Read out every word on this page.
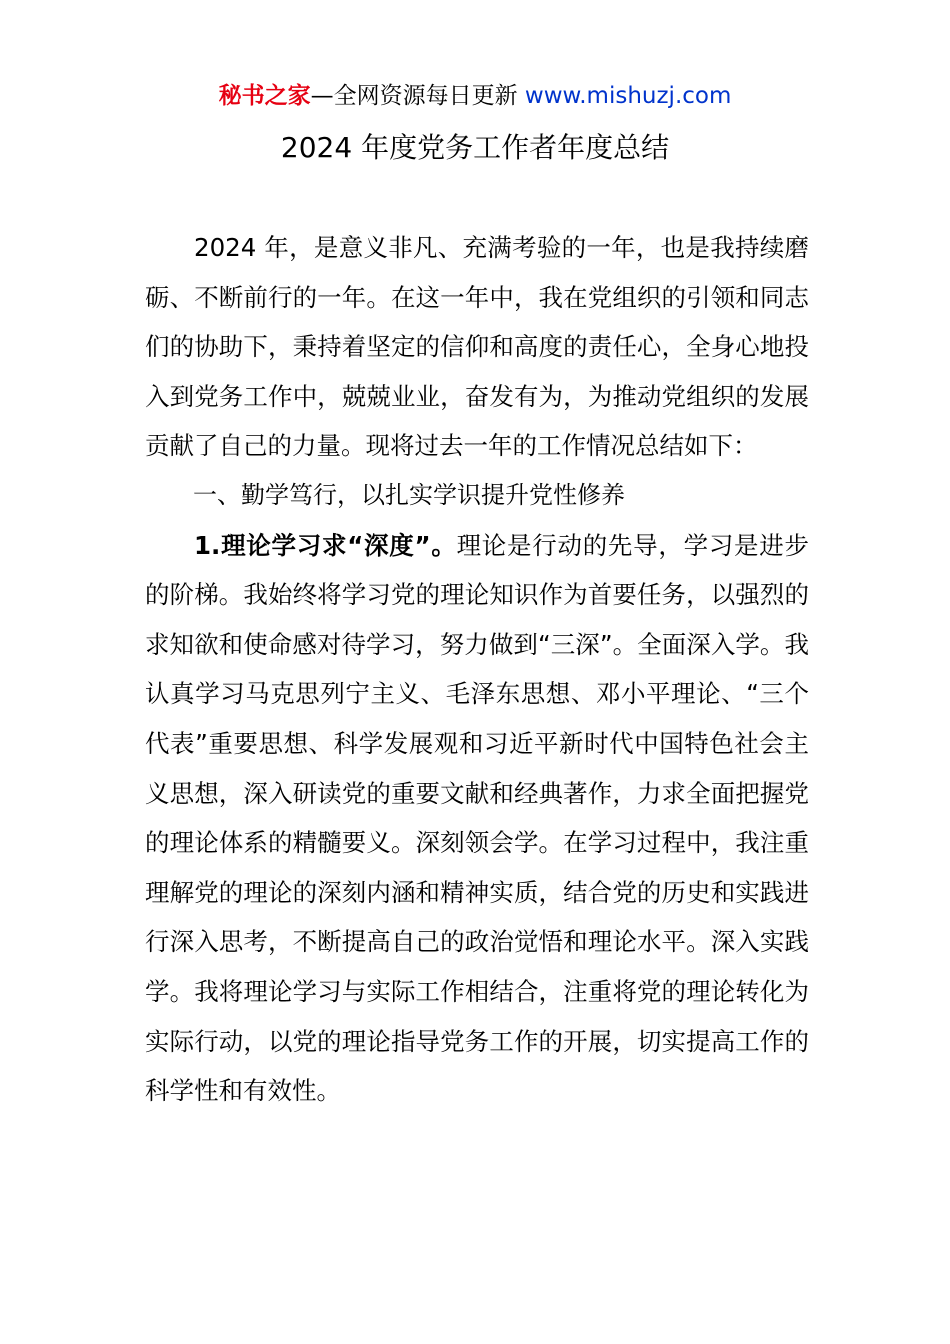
秘书之家—全网资源每日更新 www.mishuzj.com
2024 年度党务工作者年度总结

2024 年，是意义非凡、充满考验的一年，也是我持续磨砺、不断前行的一年。在这一年中，我在党组织的引领和同志们的协助下，秉持着坚定的信仰和高度的责任心，全身心地投入到党务工作中，兢兢业业，奋发有为，为推动党组织的发展贡献了自己的力量。现将过去一年的工作情况总结如下：

一、勤学笃行，以扎实学识提升党性修养

1.理论学习求“深度”。理论是行动的先导，学习是进步的阶梯。我始终将学习党的理论知识作为首要任务，以强烈的求知欲和使命感对待学习，努力做到“三深”。全面深入学。我认真学习马克思列宁主义、毛泽东思想、邓小平理论、“三个代表”重要思想、科学发展观和习近平新时代中国特色社会主义思想，深入研读党的重要文献和经典著作，力求全面把握党的理论体系的精髓要义。深刻领会学。在学习过程中，我注重理解党的理论的深刻内涵和精神实质，结合党的历史和实践进行深入思考，不断提高自己的政治觉悟和理论水平。深入实践学。我将理论学习与实际工作相结合，注重将党的理论转化为实际行动，以党的理论指导党务工作的开展，切实提高工作的科学性和有效性。
